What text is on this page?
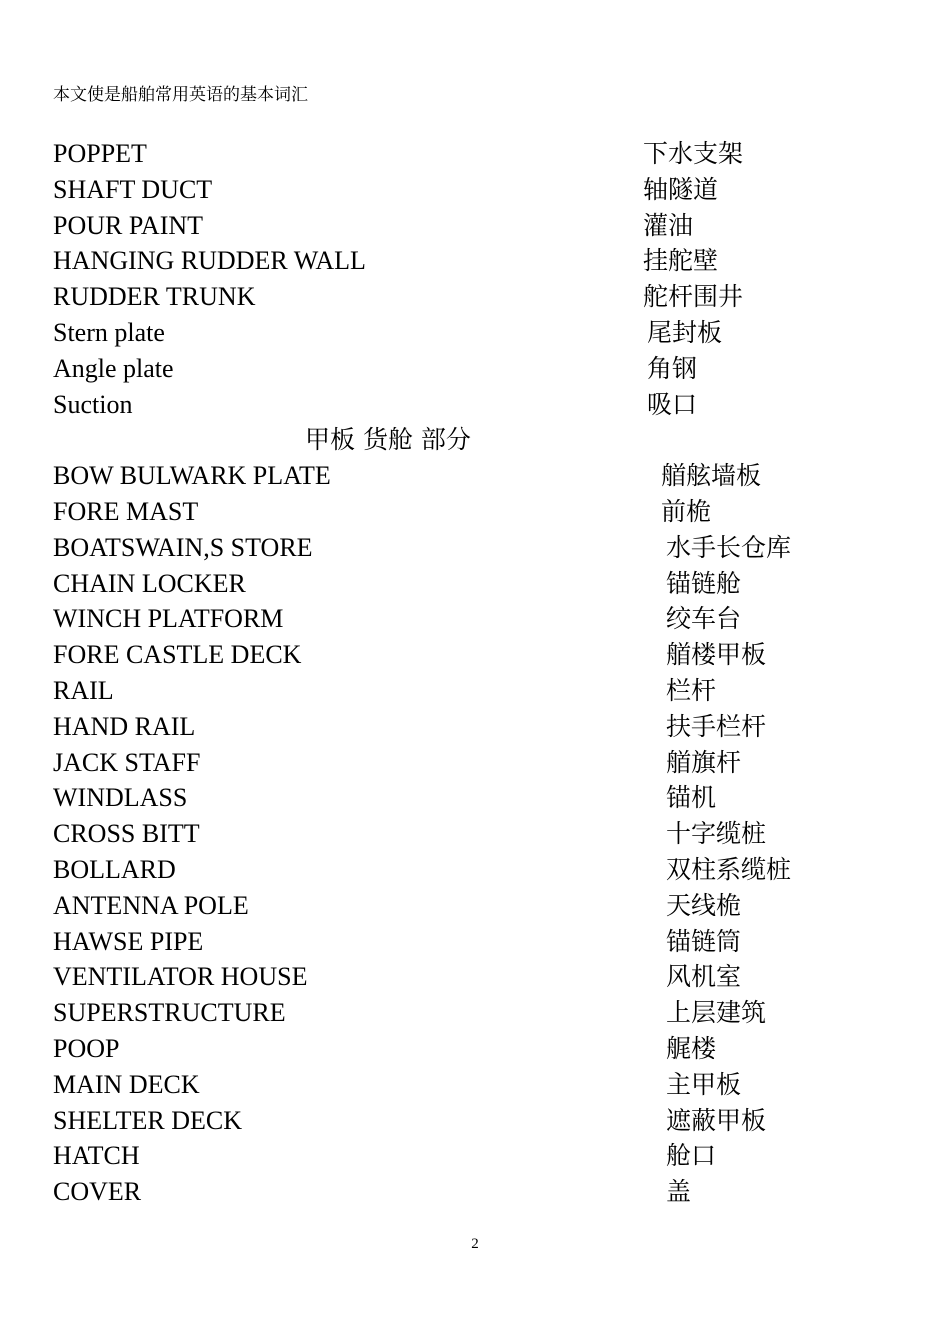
本文使是船舶常用英语的基本词汇
POPPET	下水支架
SHAFT DUCT	轴隧道
POUR PAINT	灌油
HANGING RUDDER WALL	挂舵壁
RUDDER TRUNK	舵杆围井
Stern plate	尾封板
Angle plate	角钢
Suction	吸口
甲板 货舱 部分
BOW BULWARK PLATE	艏舷墙板
FORE MAST	前桅
BOATSWAIN,S STORE	水手长仓库
CHAIN LOCKER	锚链舱
WINCH PLATFORM	绞车台
FORE CASTLE DECK	艏楼甲板
RAIL	栏杆
HAND RAIL	扶手栏杆
JACK STAFF	艏旗杆
WINDLASS	锚机
CROSS BITT	十字缆桩
BOLLARD	双柱系缆桩
ANTENNA POLE	天线桅
HAWSE PIPE	锚链筒
VENTILATOR HOUSE	风机室
SUPERSTRUCTURE	上层建筑
POOP	艉楼
MAIN DECK	主甲板
SHELTER DECK	遮蔽甲板
HATCH	舱口
COVER	盖
2
